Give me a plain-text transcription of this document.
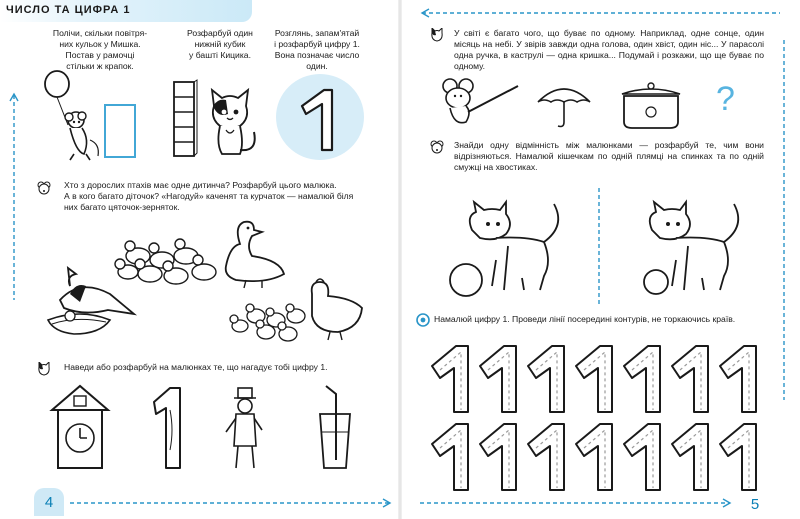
ЧИСЛО ТА ЦИФРА 1
Полічи, скільки повітря-
них кульок у Мишка.
Постав у рамочці
стільки ж крапок.
Розфарбуй один
нижній кубик
у башті Кицика.
Розглянь, запам'ятай
і розфарбуй цифру 1.
Вона позначає число
один.
Хто з дорослих птахів має одне дитинча? Розфарбуй цього малюка.
А в кого багато діточок? «Нагодуй» каченят та курчаток — намалюй біля
них багато цяточок-зерняток.
Наведи або розфарбуй на малюнках те, що нагадує тобі цифру 1.
4
У світі є багато чого, що буває по одному. Наприклад, одне сонце, один місяць на небі. У звірів завжди одна голова, один хвіст, один ніс... У парасолі одна ручка, в каструлі — одна кришка... Подумай і розкажи, що ще буває по одному.
?
Знайди одну відмінність між малюнками — розфарбуй те, чим вони відрізняються. Намалюй кішечкам по одній плямці на спинках та по одній смужці на хвостиках.
Намалюй цифру 1. Проведи лінії посередині контурів, не торкаючись країв.
5
